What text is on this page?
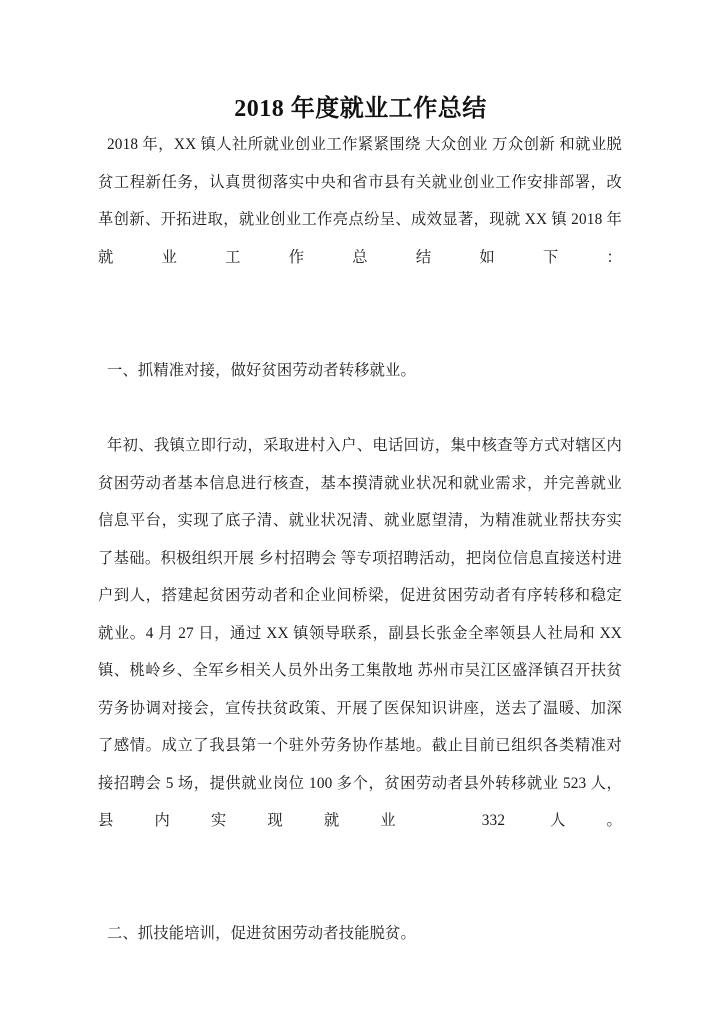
2018 年度就业工作总结

2018 年，XX 镇人社所就业创业工作紧紧围绕 大众创业 万众创新 和就业脱贫工程新任务，认真贯彻落实中央和省市县有关就业创业工作安排部署，改革创新、开拓进取，就业创业工作亮点纷呈、成效显著，现就 XX 镇 2018 年就业工作总结如下：

一、抓精准对接，做好贫困劳动者转移就业。

年初、我镇立即行动，采取进村入户、电话回访，集中核查等方式对辖区内贫困劳动者基本信息进行核查，基本摸清就业状况和就业需求，并完善就业信息平台，实现了底子清、就业状况清、就业愿望清，为精准就业帮扶夯实了基础。积极组织开展 乡村招聘会 等专项招聘活动，把岗位信息直接送村进户到人，搭建起贫困劳动者和企业间桥梁，促进贫困劳动者有序转移和稳定就业。4 月 27 日，通过 XX 镇领导联系，副县长张金全率领县人社局和 XX 镇、桃岭乡、全军乡相关人员外出务工集散地 苏州市吴江区盛泽镇召开扶贫劳务协调对接会，宣传扶贫政策、开展了医保知识讲座，送去了温暖、加深了感情。成立了我县第一个驻外劳务协作基地。截止目前已组织各类精准对接招聘会 5 场，提供就业岗位 100 多个，贫困劳动者县外转移就业 523 人，县内实现就业 332 人。

二、抓技能培训，促进贫困劳动者技能脱贫。
